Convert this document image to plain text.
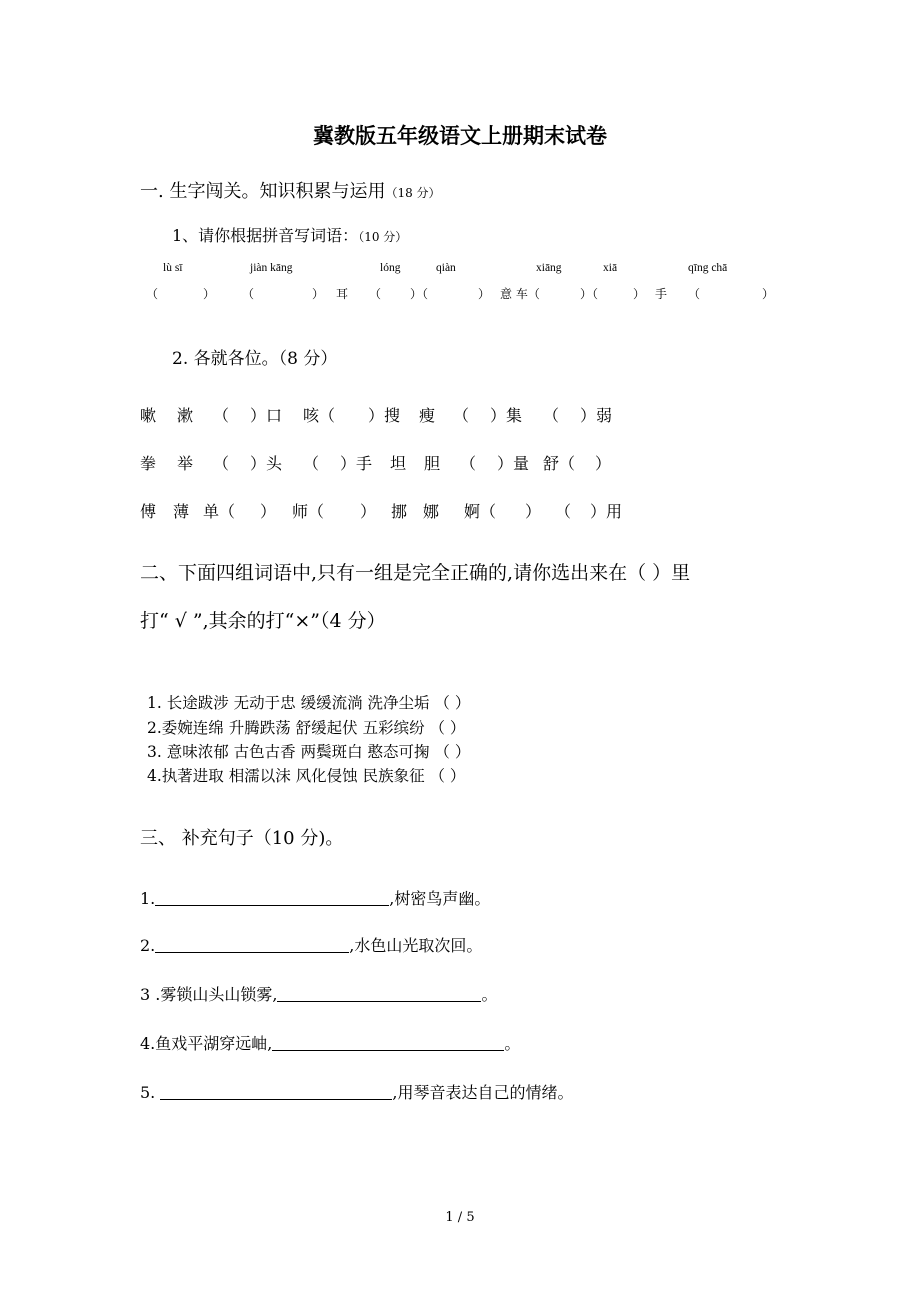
冀教版五年级语文上册期末试卷
一. 生字闯关。知识积累与运用（18 分）
1、请你根据拼音写词语：（10 分）
lù sī	jiàn kāng	lóng	qiàn	xiāng	xiā	qīng chā
（	） （	） 耳 （ ）（	） 意 车（	）（	） 手 （	）
2. 各就各位。（8 分）
嗽 漱 （ ）口 咳（ ）搜 瘦 （ ）集 （ ）弱
拳 举 （ ）头 （ ）手 坦 胆 （ ）量 舒（ ）
傅 薄 单（ ） 师（ ） 挪 娜 婀（ ） （ ）用
二、下面四组词语中,只有一组是完全正确的,请你选出来在（ ）里
打“ √ ”,其余的打“×”（4 分）
1. 长途跋涉 无动于忠 缓缓流淌 洗净尘垢 （ ）
2.委婉连绵 升腾跌荡 舒缓起伏 五彩缤纷 （ ）
3. 意味浓郁 古色古香 两鬓斑白 憨态可掬 （ ）
4.执著进取 相濡以沫 风化侵蚀 民族象征 （ ）
三、 补充句子（10 分)。
1.	,树密鸟声幽。
2.	,水色山光取次回。
3 .雾锁山头山锁雾,	。
4.鱼戏平湖穿远岫,	。
5.	,用琴音表达自己的情绪。
1 / 5
